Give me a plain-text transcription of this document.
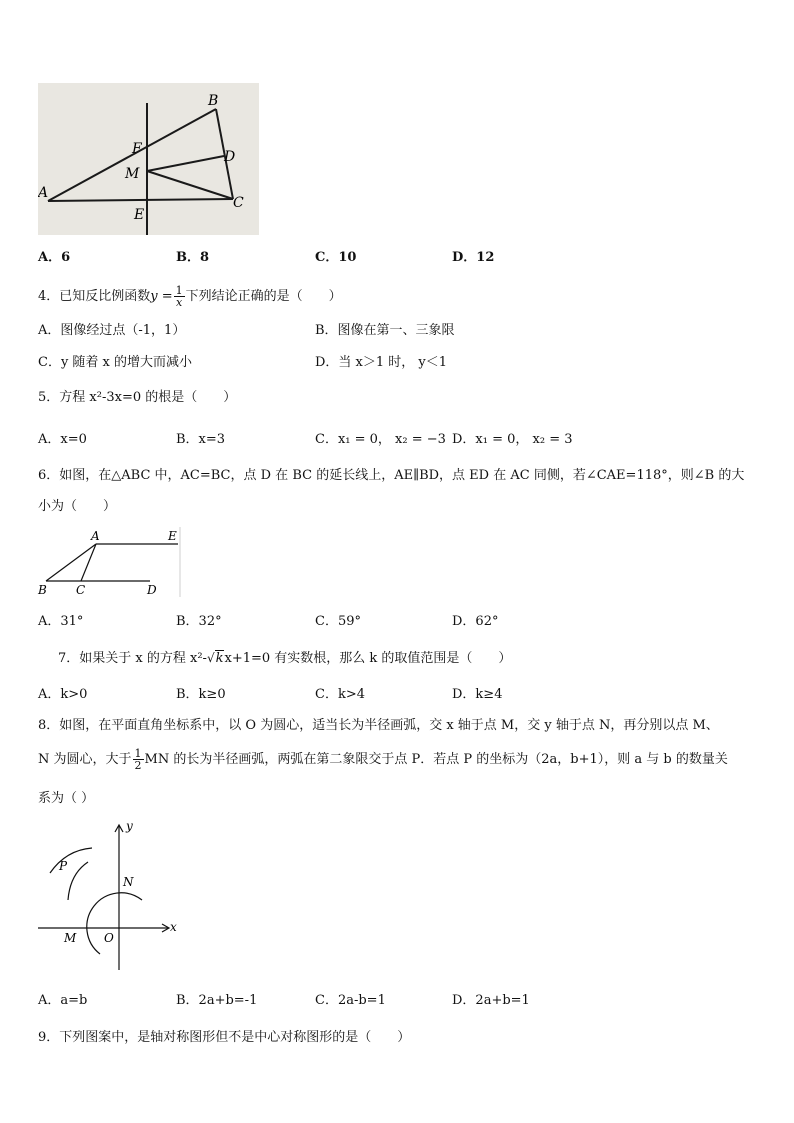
A
B
C
D
E
F
M
A．6	B．8	C．10	D．12
4．已知反比例函数$y = \frac{1}{x}$ 下列结论正确的是（　　）
A．图像经过点（-1，1）	B．图像在第一、三象限
C．y 随着 x 的增大而减小	D．当 x＞1 时， y＜1
5．方程 x²-3x=0 的根是（　　）
A．x=0	B．x=3	C．x₁ = 0， x₂ = −3 D．x₁ = 0， x₂ = 3
6．如图，在△ABC 中，AC=BC，点 D 在 BC 的延长线上，AE∥BD，点 ED 在 AC 同侧，若∠CAE=118°，则∠B 的大
小为（　　）
A	E
B C	D
A．31°	B．32°	C．59°	D．62°
7．如果关于 x 的方程 x²-√kx+1=0 有实数根，那么 k 的取值范围是（　　）
A．k>0	B．k≥0	C．k>4	D．k≥4
8．如图，在平面直角坐标系中，以 O 为圆心，适当长为半径画弧，交 x 轴于点 M，交 y 轴于点 N，再分别以点 M、
N 为圆心，大于 $\frac{1}{2}$ MN 的长为半径画弧，两弧在第二象限交于点 P．若点 P 的坐标为（2a，b+1），则 a 与 b 的数量关
系为（ ）
y
x
O
M
N
P
A．a=b	B．2a+b=-1	C．2a-b=1	D．2a+b=1
9．下列图案中，是轴对称图形但不是中心对称图形的是（　　）
